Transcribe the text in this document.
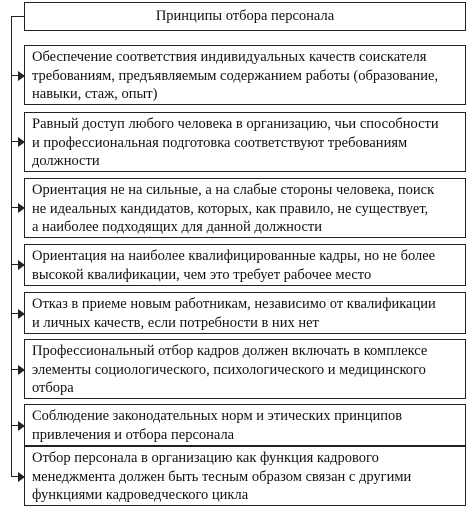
Принципы отбора персонала
Обеспечение соответствия индивидуальных качеств соискателя
требованиям, предъявляемым содержанием работы (образование,
навыки, стаж, опыт)
Равный доступ любого человека в организацию, чьи способности
и профессиональная подготовка соответствуют требованиям
должности
Ориентация не на сильные, а на слабые стороны человека, поиск
не идеальных кандидатов, которых, как правило, не существует,
а наиболее подходящих для данной должности
Ориентация на наиболее квалифицированные кадры, но не более
высокой квалификации, чем это требует рабочее место
Отказ в приеме новым работникам, независимо от квалификации
и личных качеств, если потребности в них нет
Профессиональный отбор кадров должен включать в комплексе
элементы социологического, психологического и медицинского
отбора
Соблюдение законодательных норм и этических принципов
привлечения и отбора персонала
Отбор персонала в организацию как функция кадрового
менеджмента должен быть тесным образом связан с другими
функциями кадроведческого цикла
